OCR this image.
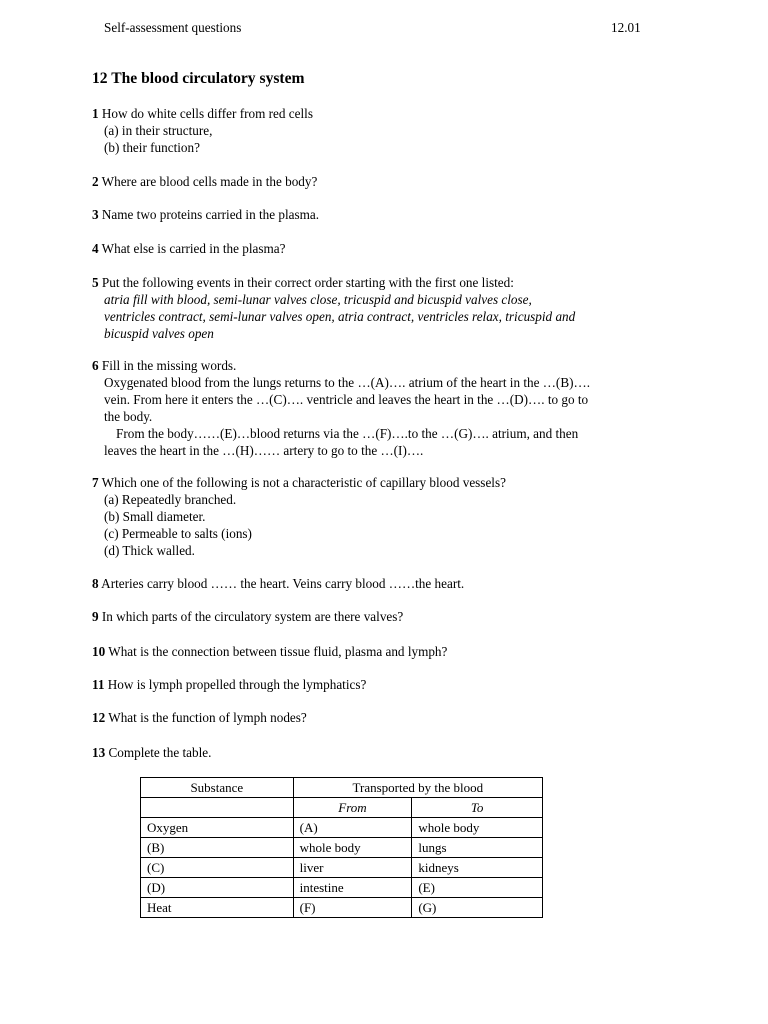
Self-assessment questions	12.01
12 The blood circulatory system
1 How do white cells differ from red cells
(a) in their structure,
(b) their function?
2 Where are blood cells made in the body?
3 Name two proteins carried in the plasma.
4 What else is carried in the plasma?
5 Put the following events in their correct order starting with the first one listed:
atria fill with blood, semi-lunar valves close, tricuspid and bicuspid valves close,
ventricles contract, semi-lunar valves open, atria contract, ventricles relax, tricuspid and
bicuspid valves open
6 Fill in the missing words.
Oxygenated blood from the lungs returns to the …(A)…. atrium of the heart in the …(B)….
vein. From here it enters the …(C)…. ventricle and leaves the heart in the …(D)…. to go to
the body.
From the body……(E)…blood returns via the …(F)….to the …(G)…. atrium, and then
leaves the heart in the …(H)…… artery to go to the …(I)….
7 Which one of the following is not a characteristic of capillary blood vessels?
(a) Repeatedly branched.
(b) Small diameter.
(c) Permeable to salts (ions)
(d) Thick walled.
8 Arteries carry blood …… the heart. Veins carry blood ……the heart.
9 In which parts of the circulatory system are there valves?
10 What is the connection between tissue fluid, plasma and lymph?
11 How is lymph propelled through the lymphatics?
12 What is the function of lymph nodes?
13 Complete the table.
Substance	Transported by the blood	
	From	To
Oxygen	(A)	whole body
(B)	whole body	lungs
(C)	liver	kidneys
(D)	intestine	(E)
Heat	(F)	(G)
